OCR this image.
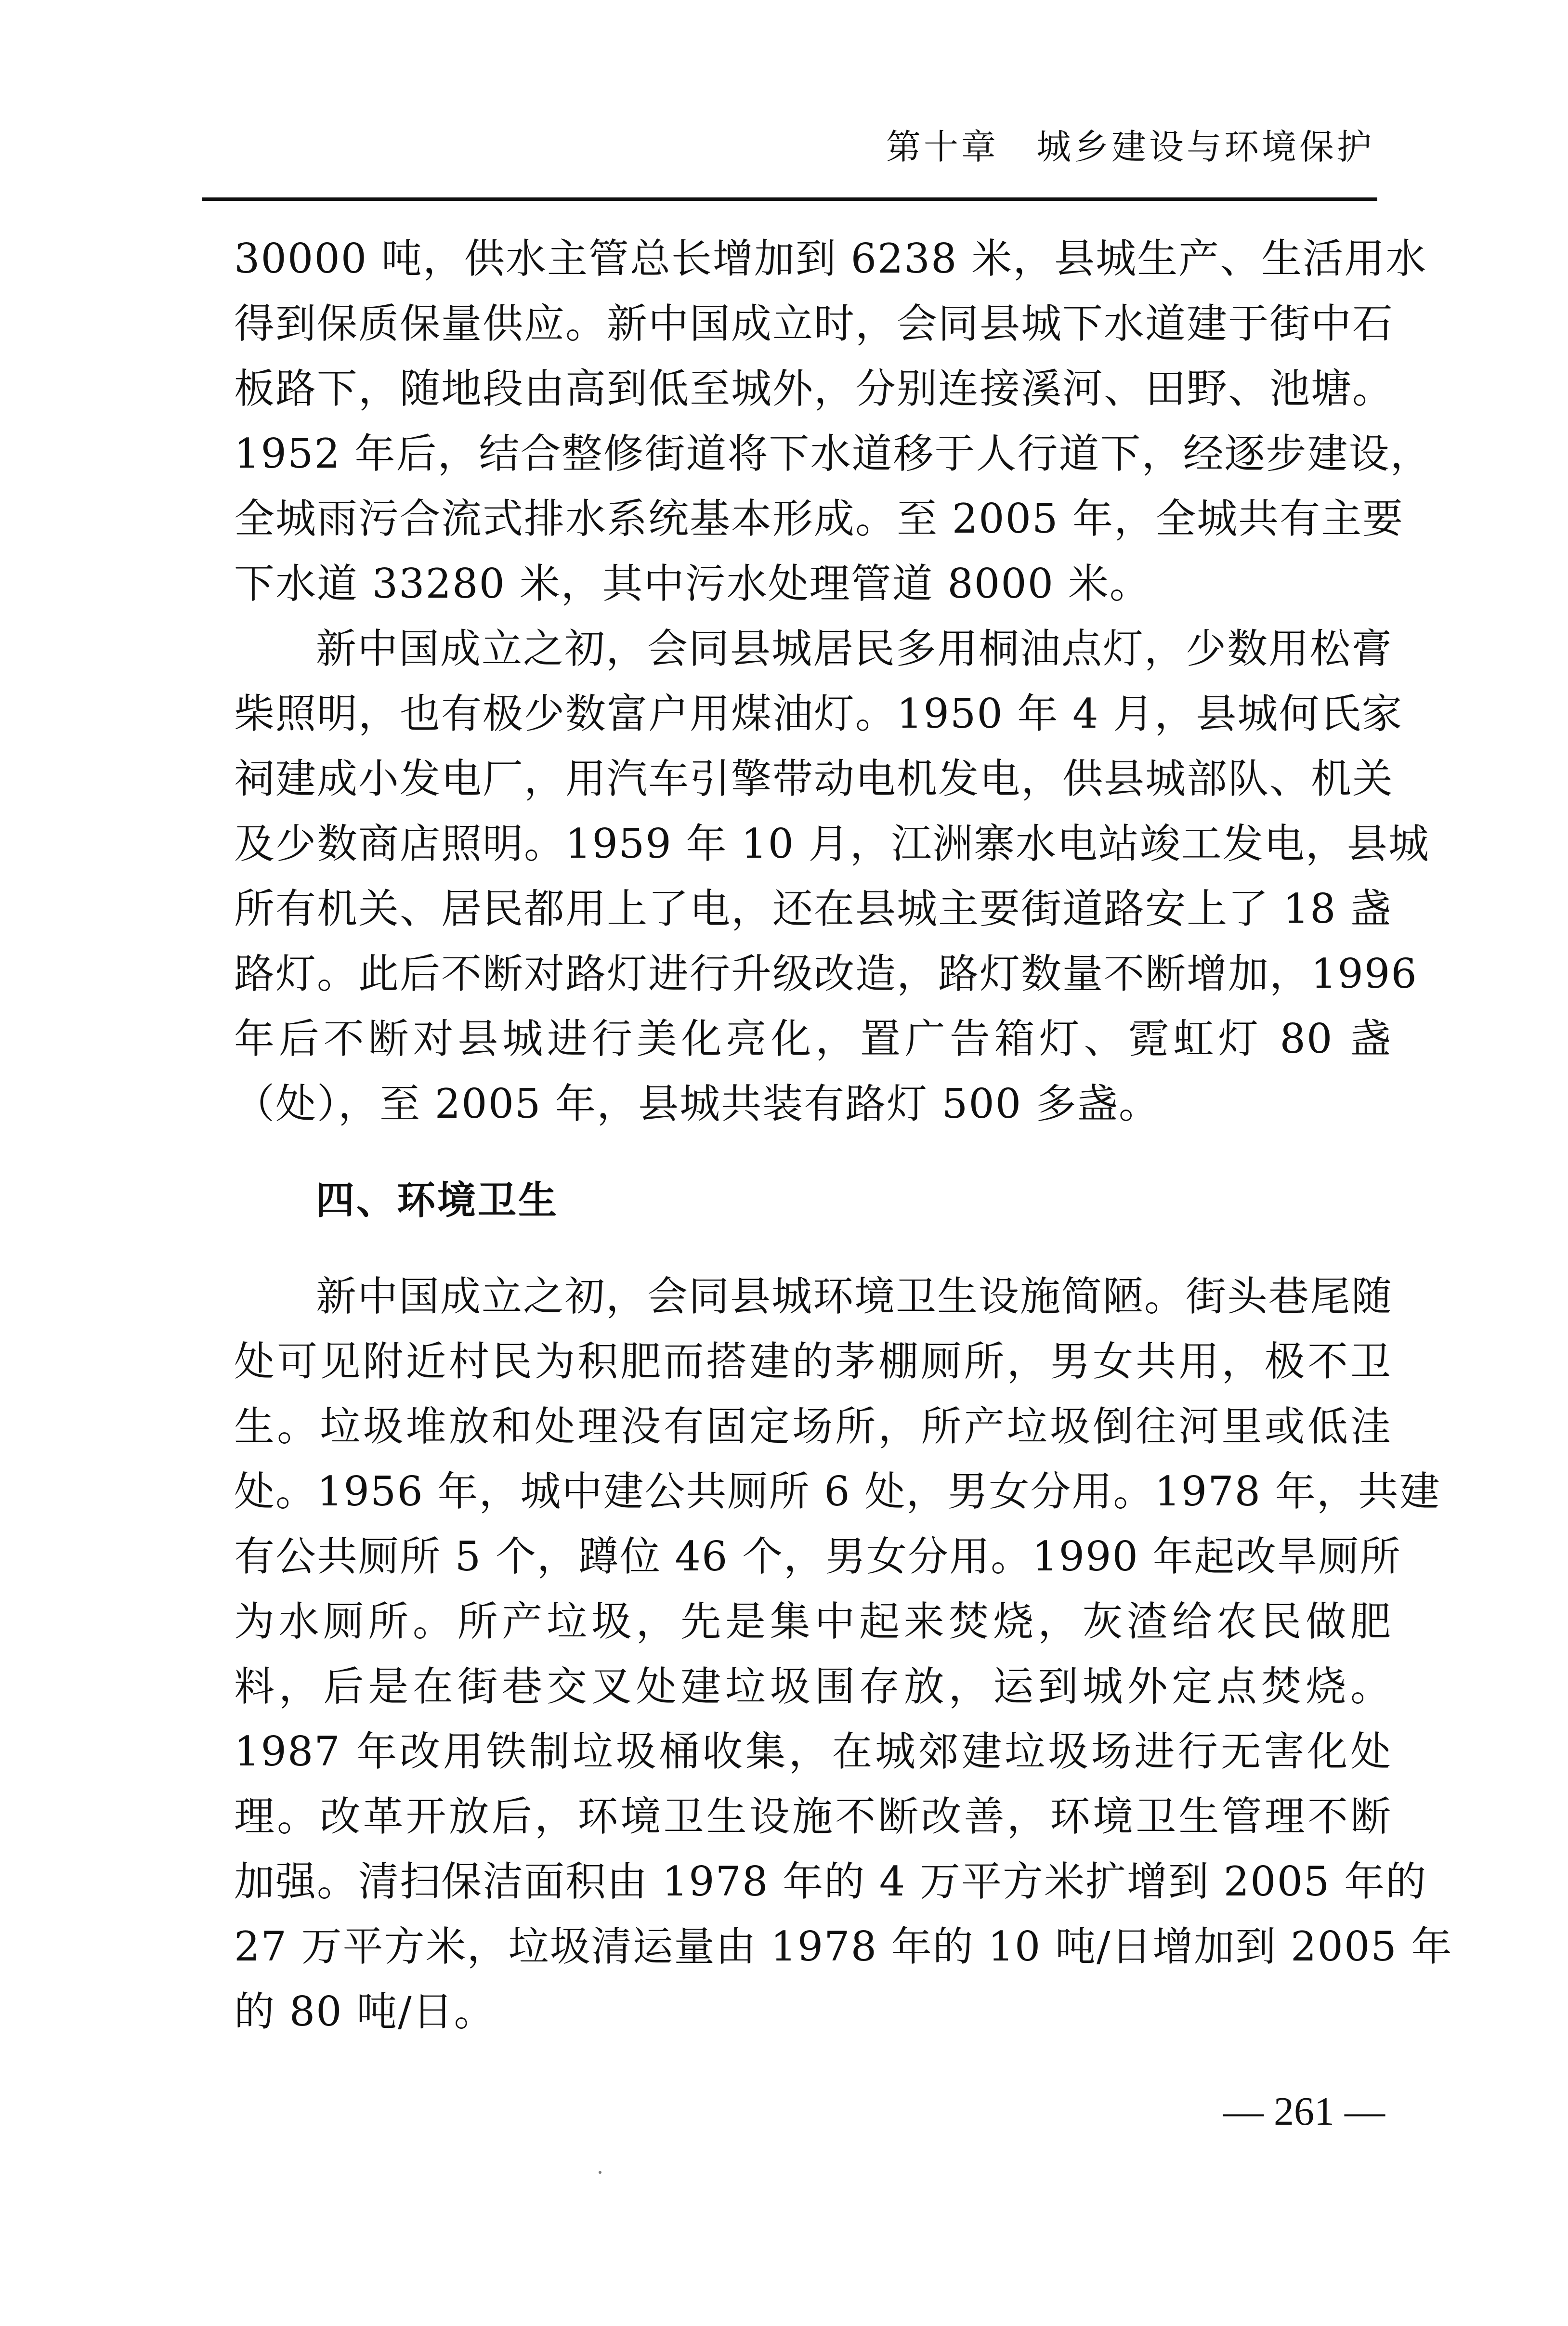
第十章　城乡建设与环境保护
30000 吨，供水主管总长增加到 6238 米，县城生产、生活用水
得到保质保量供应。新中国成立时，会同县城下水道建于街中石
板路下，随地段由高到低至城外，分别连接溪河、田野、池塘。
1952 年后，结合整修街道将下水道移于人行道下，经逐步建设，
全城雨污合流式排水系统基本形成。至 2005 年，全城共有主要
下水道 33280 米，其中污水处理管道 8000 米。
新中国成立之初，会同县城居民多用桐油点灯，少数用松膏
柴照明，也有极少数富户用煤油灯。1950 年 4 月，县城何氏家
祠建成小发电厂，用汽车引擎带动电机发电，供县城部队、机关
及少数商店照明。1959 年 10 月，江洲寨水电站竣工发电，县城
所有机关、居民都用上了电，还在县城主要街道路安上了 18 盏
路灯。此后不断对路灯进行升级改造，路灯数量不断增加，1996
年后不断对县城进行美化亮化，置广告箱灯、霓虹灯 80 盏
（处），至 2005 年，县城共装有路灯 500 多盏。
四、环境卫生
新中国成立之初，会同县城环境卫生设施简陋。街头巷尾随
处可见附近村民为积肥而搭建的茅棚厕所，男女共用，极不卫
生。垃圾堆放和处理没有固定场所，所产垃圾倒往河里或低洼
处。1956 年，城中建公共厕所 6 处，男女分用。1978 年，共建
有公共厕所 5 个，蹲位 46 个，男女分用。1990 年起改旱厕所
为水厕所。所产垃圾，先是集中起来焚烧，灰渣给农民做肥
料，后是在街巷交叉处建垃圾围存放，运到城外定点焚烧。
1987 年改用铁制垃圾桶收集，在城郊建垃圾场进行无害化处
理。改革开放后，环境卫生设施不断改善，环境卫生管理不断
加强。清扫保洁面积由 1978 年的 4 万平方米扩增到 2005 年的
27 万平方米，垃圾清运量由 1978 年的 10 吨/日增加到 2005 年
的 80 吨/日。
— 261 —
